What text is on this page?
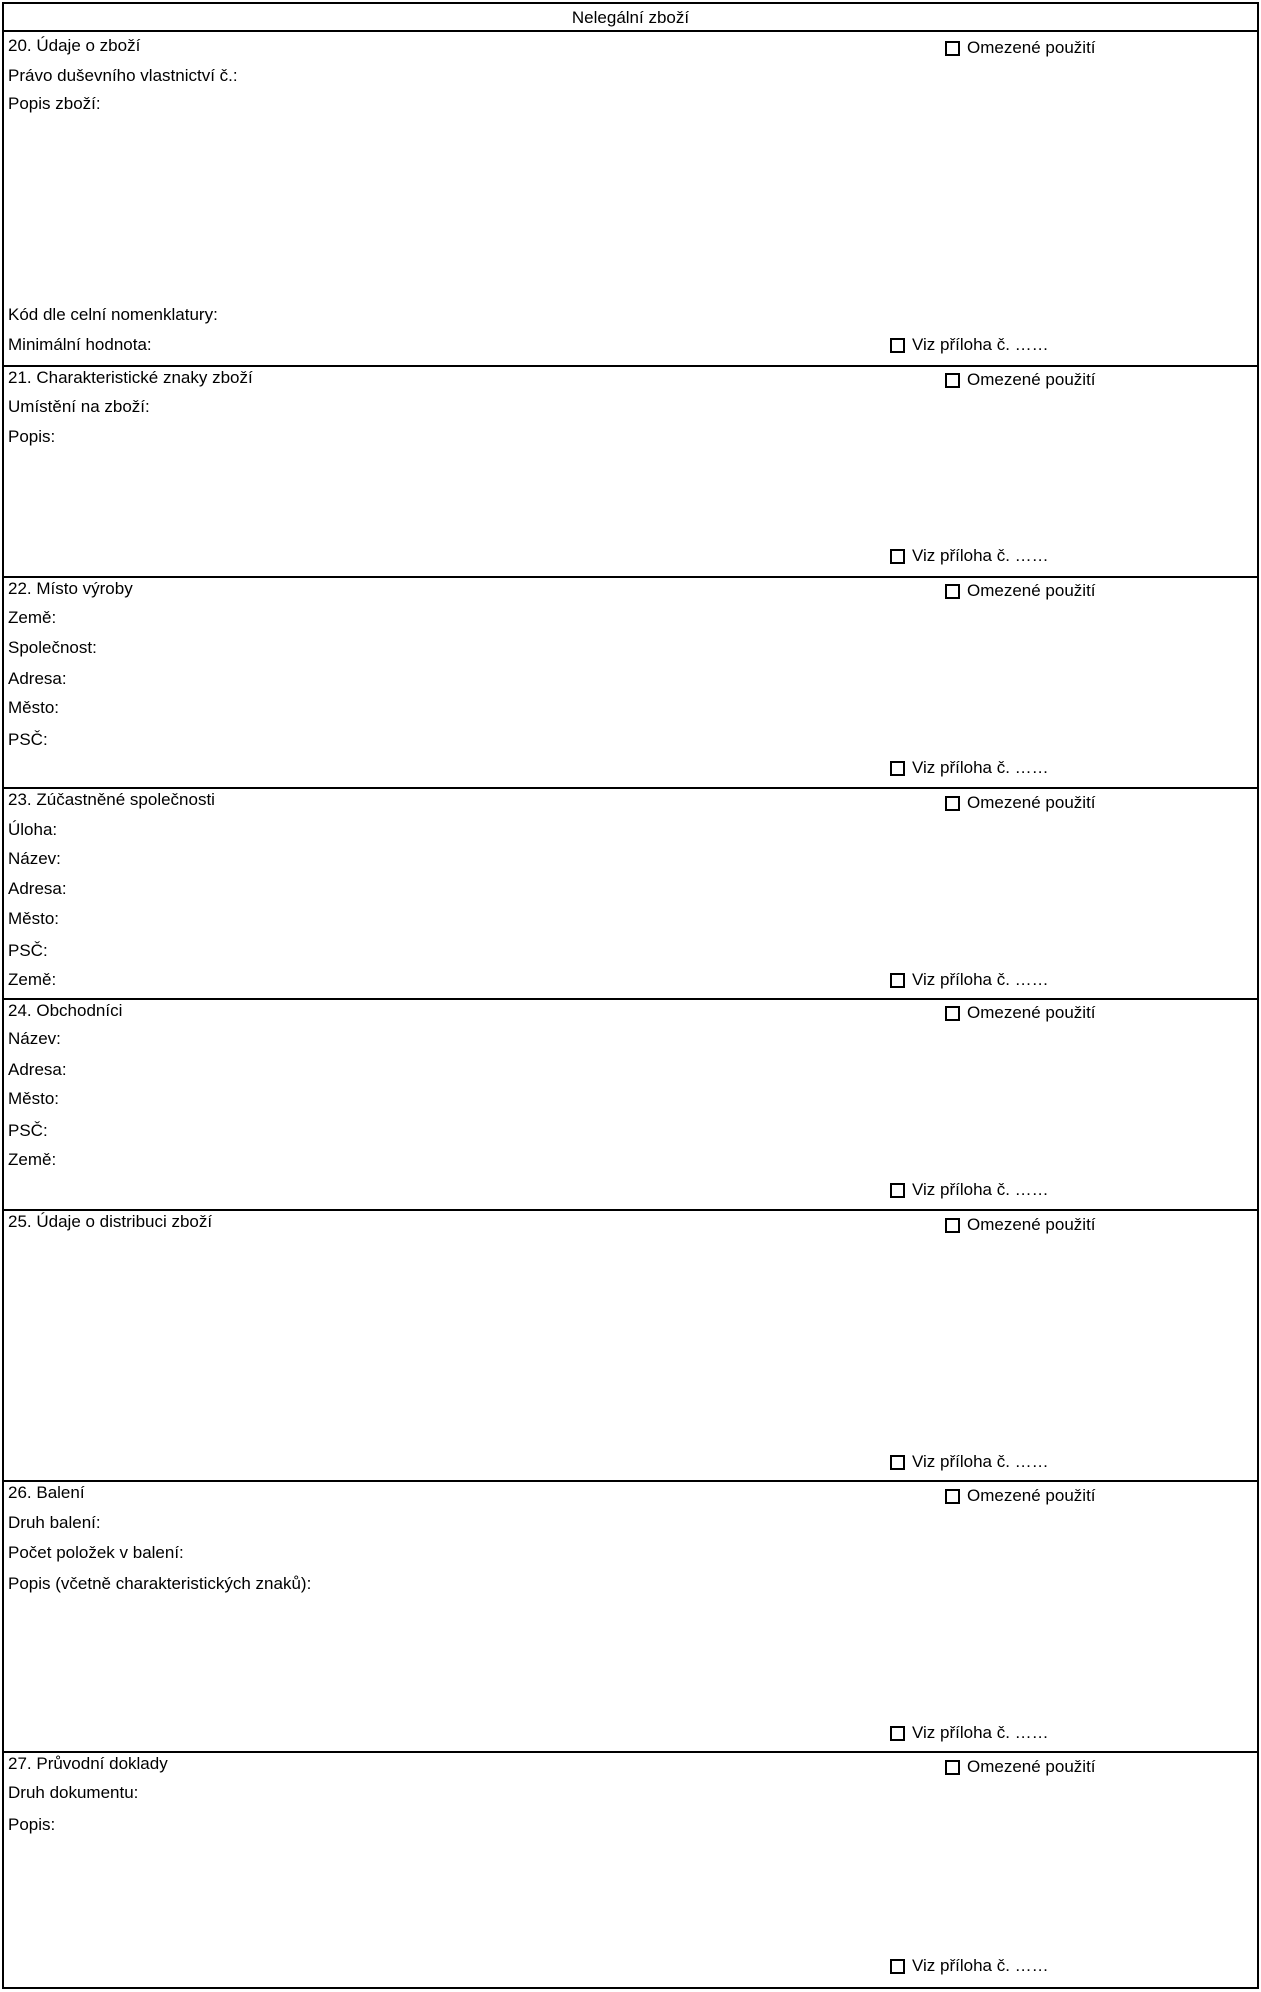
Nelegální zboží
20. Údaje o zboží	Omezené použití
Právo duševního vlastnictví č.:
Popis zboží:
Kód dle celní nomenklatury:
Minimální hodnota:	Viz příloha č. ……
21. Charakteristické znaky zboží	Omezené použití
Umístění na zboží:
Popis:
Viz příloha č. ……
22. Místo výroby	Omezené použití
Země:
Společnost:
Adresa:
Město:
PSČ:
Viz příloha č. ……
23. Zúčastněné společnosti	Omezené použití
Úloha:
Název:
Adresa:
Město:
PSČ:
Země:	Viz příloha č. ……
24. Obchodníci	Omezené použití
Název:
Adresa:
Město:
PSČ:
Země:
Viz příloha č. ……
25. Údaje o distribuci zboží	Omezené použití
Viz příloha č. ……
26. Balení	Omezené použití
Druh balení:
Počet položek v balení:
Popis (včetně charakteristických znaků):
Viz příloha č. ……
27. Průvodní doklady	Omezené použití
Druh dokumentu:
Popis:
Viz příloha č. ……
